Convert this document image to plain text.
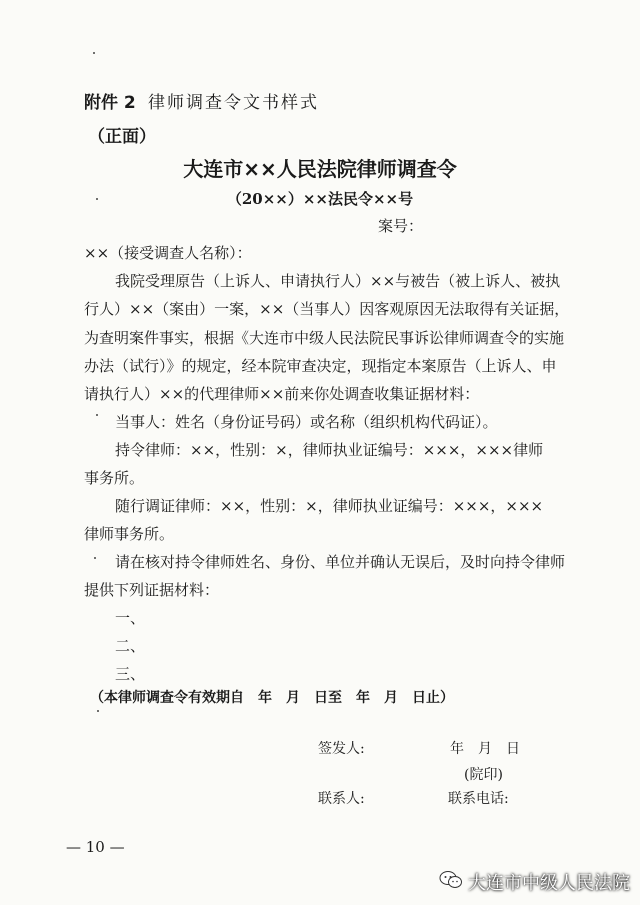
附件 2 律师调查令文书样式
（正面）
大连市××人民法院律师调查令
（20××）××法民令××号
案号：
××（接受调查人名称）：
我院受理原告（上诉人、申请执行人）××与被告（被上诉人、被执
行人）××（案由）一案，××（当事人）因客观原因无法取得有关证据，
为查明案件事实，根据《大连市中级人民法院民事诉讼律师调查令的实施
办法（试行）》的规定，经本院审查决定，现指定本案原告（上诉人、申
请执行人）××的代理律师××前来你处调查收集证据材料：
当事人：姓名（身份证号码）或名称（组织机构代码证）。
持令律师：××，性别：×，律师执业证编号：×××，×××律师
事务所。
随行调证律师：××，性别：×，律师执业证编号：×××，×××
律师事务所。
请在核对持令律师姓名、身份、单位并确认无误后，及时向持令律师
提供下列证据材料：
一、
二、
三、
（本律师调查令有效期自　年　月　日至　年　月　日止）
签发人:	年　月　日
(院印)
联系人:	联系电话:
— 10 —
大连市中级人民法院
